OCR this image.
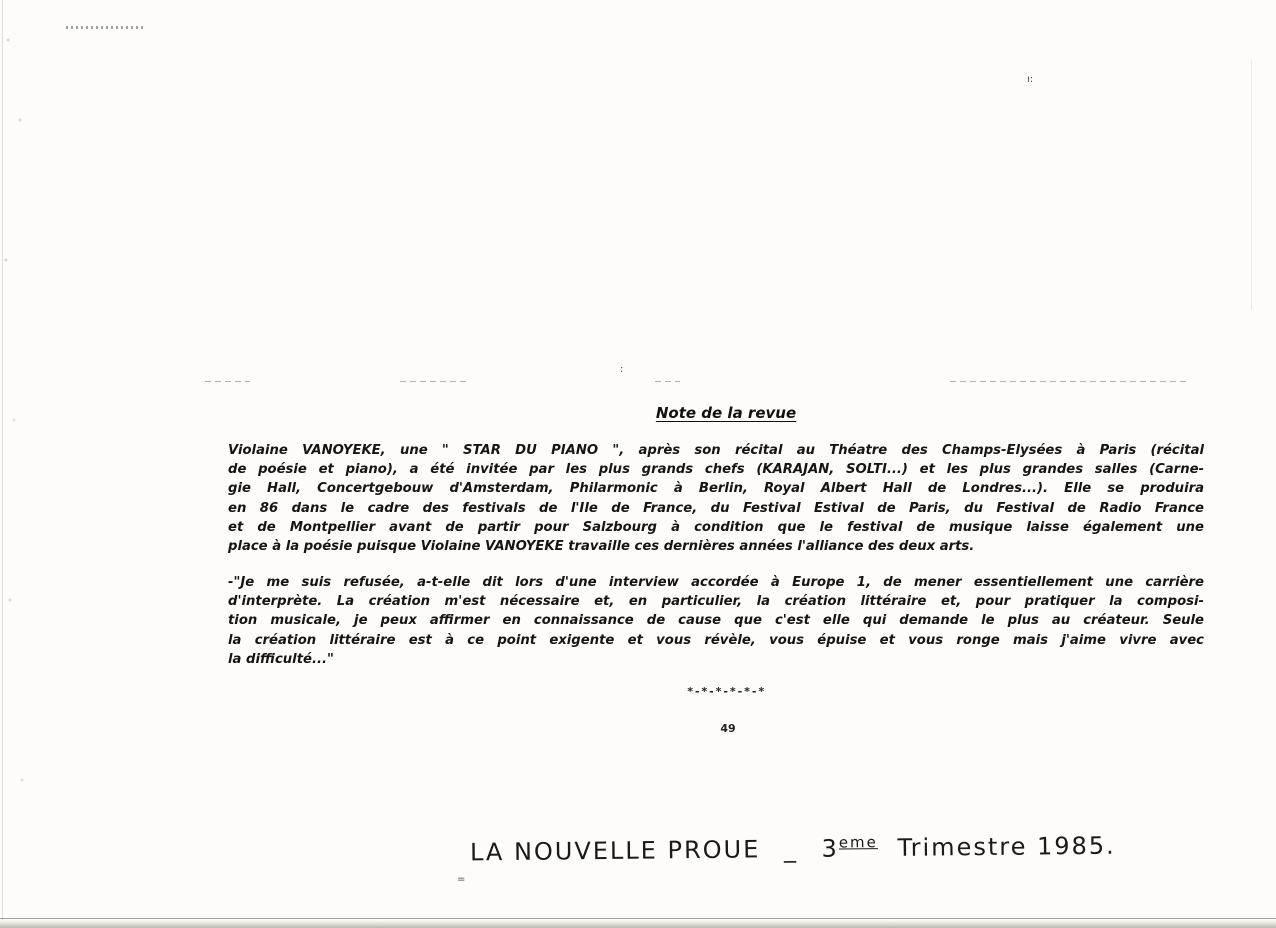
ı:
:
Note de la revue
Violaine VANOYEKE, une " STAR DU PIANO ", après son récital au Théatre des Champs-Elysées à Paris (récital
de poésie et piano), a été invitée par les plus grands chefs (KARAJAN, SOLTI...) et les plus grandes salles (Carne-
gie Hall, Concertgebouw d'Amsterdam, Philarmonic à Berlin, Royal Albert Hall de Londres...). Elle se produira
en 86 dans le cadre des festivals de l'Ile de France, du Festival Estival de Paris, du Festival de Radio France
et de Montpellier avant de partir pour Salzbourg à condition que le festival de musique laisse également une
place à la poésie puisque Violaine VANOYEKE travaille ces dernières années l'alliance des deux arts.
-"Je me suis refusée, a-t-elle dit lors d'une interview accordée à Europe 1, de mener essentiellement une carrière
d'interprète. La création m'est nécessaire et, en particulier, la création littéraire et, pour pratiquer la composi-
tion musicale, je peux affirmer en connaissance de cause que c'est elle qui demande le plus au créateur. Seule
la création littéraire est à ce point exigente et vous révèle, vous épuise et vous ronge mais j'aime vivre avec
la difficulté..."
*-*-*-*-*-*
49
LA NOUVELLE PROUE _ 3eme Trimestre 1985.
=
